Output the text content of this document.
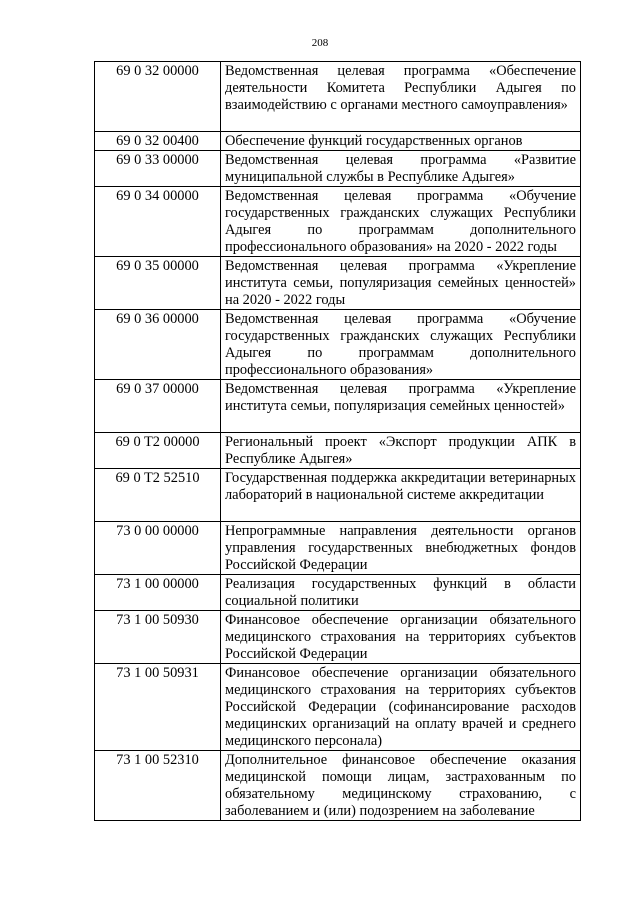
208
69 0 32 00000	Ведомственная целевая программа «Обеспечение деятельности Комитета Республики Адыгея по взаимодействию с органами местного самоуправления»
69 0 32 00400	Обеспечение функций государственных органов
69 0 33 00000	Ведомственная целевая программа «Развитие муниципальной службы в Республике Адыгея»
69 0 34 00000	Ведомственная целевая программа «Обучение государственных гражданских служащих Республики Адыгея по программам дополнительного профессионального образования» на 2020 - 2022 годы
69 0 35 00000	Ведомственная целевая программа «Укрепление института семьи, популяризация семейных ценностей» на 2020 - 2022 годы
69 0 36 00000	Ведомственная целевая программа «Обучение государственных гражданских служащих Республики Адыгея по программам дополнительного профессионального образования»
69 0 37 00000	Ведомственная целевая программа «Укрепление института семьи, популяризация семейных ценностей»
69 0 T2 00000	Региональный проект «Экспорт продукции АПК в Республике Адыгея»
69 0 T2 52510	Государственная поддержка аккредитации ветеринарных лабораторий в национальной системе аккредитации
73 0 00 00000	Непрограммные направления деятельности органов управления государственных внебюджетных фондов Российской Федерации
73 1 00 00000	Реализация государственных функций в области социальной политики
73 1 00 50930	Финансовое обеспечение организации обязательного медицинского страхования на территориях субъектов Российской Федерации
73 1 00 50931	Финансовое обеспечение организации обязательного медицинского страхования на территориях субъектов Российской Федерации (софинансирование расходов медицинских организаций на оплату врачей и среднего медицинского персонала)
73 1 00 52310	Дополнительное финансовое обеспечение оказания медицинской помощи лицам, застрахованным по обязательному медицинскому страхованию, с заболеванием и (или) подозрением на заболевание
